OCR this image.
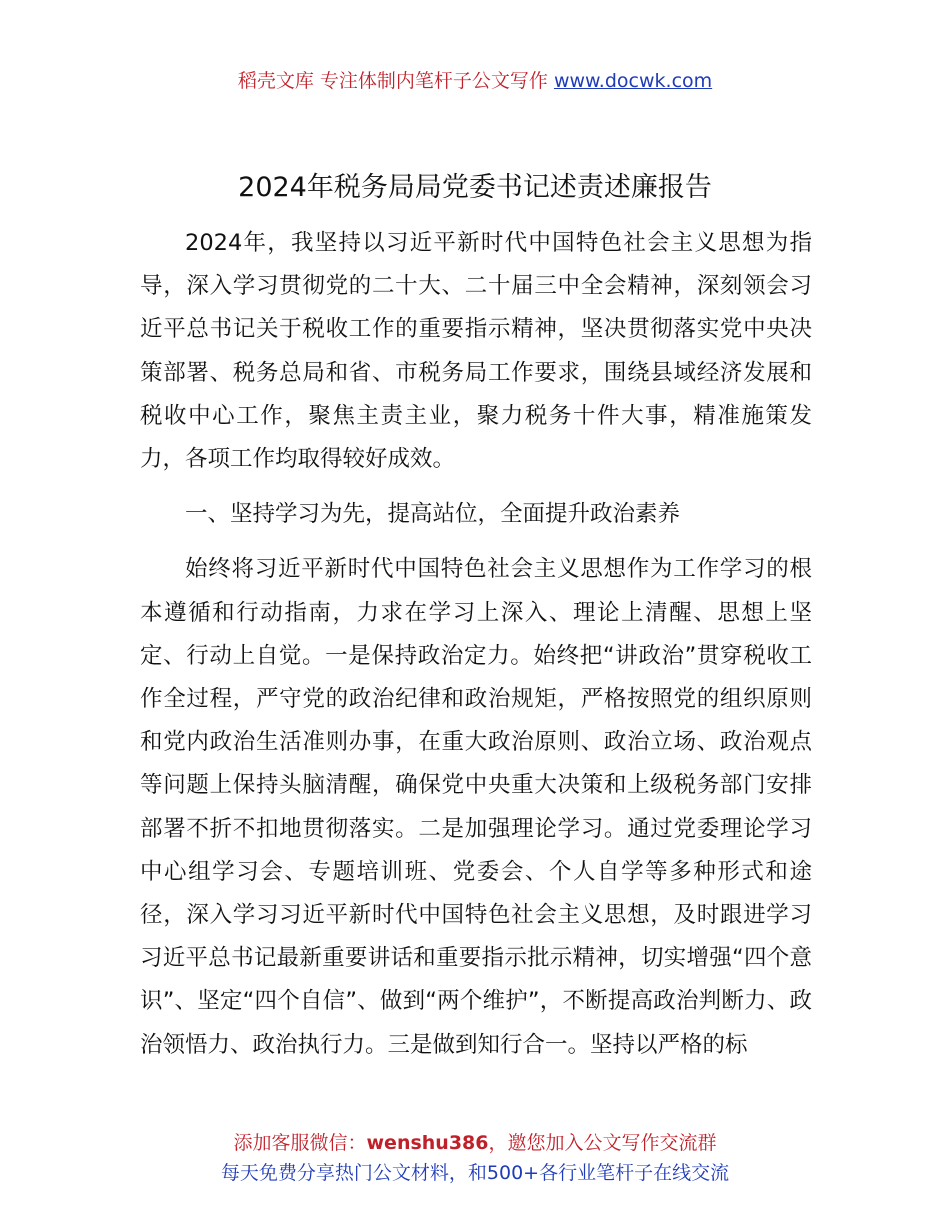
稻壳文库 专注体制内笔杆子公文写作 www.docwk.com
2024年税务局局党委书记述责述廉报告

2024年，我坚持以习近平新时代中国特色社会主义思想为指导，深入学习贯彻党的二十大、二十届三中全会精神，深刻领会习近平总书记关于税收工作的重要指示精神，坚决贯彻落实党中央决策部署、税务总局和省、市税务局工作要求，围绕县域经济发展和税收中心工作，聚焦主责主业，聚力税务十件大事，精准施策发力，各项工作均取得较好成效。

一、坚持学习为先，提高站位，全面提升政治素养

始终将习近平新时代中国特色社会主义思想作为工作学习的根本遵循和行动指南，力求在学习上深入、理论上清醒、思想上坚定、行动上自觉。一是保持政治定力。始终把“讲政治”贯穿税收工作全过程，严守党的政治纪律和政治规矩，严格按照党的组织原则和党内政治生活准则办事，在重大政治原则、政治立场、政治观点等问题上保持头脑清醒，确保党中央重大决策和上级税务部门安排部署不折不扣地贯彻落实。二是加强理论学习。通过党委理论学习中心组学习会、专题培训班、党委会、个人自学等多种形式和途径，深入学习习近平新时代中国特色社会主义思想，及时跟进学习习近平总书记最新重要讲话和重要指示批示精神，切实增强“四个意识”、坚定“四个自信”、做到“两个维护”，不断提高政治判断力、政治领悟力、政治执行力。三是做到知行合一。坚持以严格的标

添加客服微信：wenshu386，邀您加入公文写作交流群
每天免费分享热门公文材料，和500+各行业笔杆子在线交流
